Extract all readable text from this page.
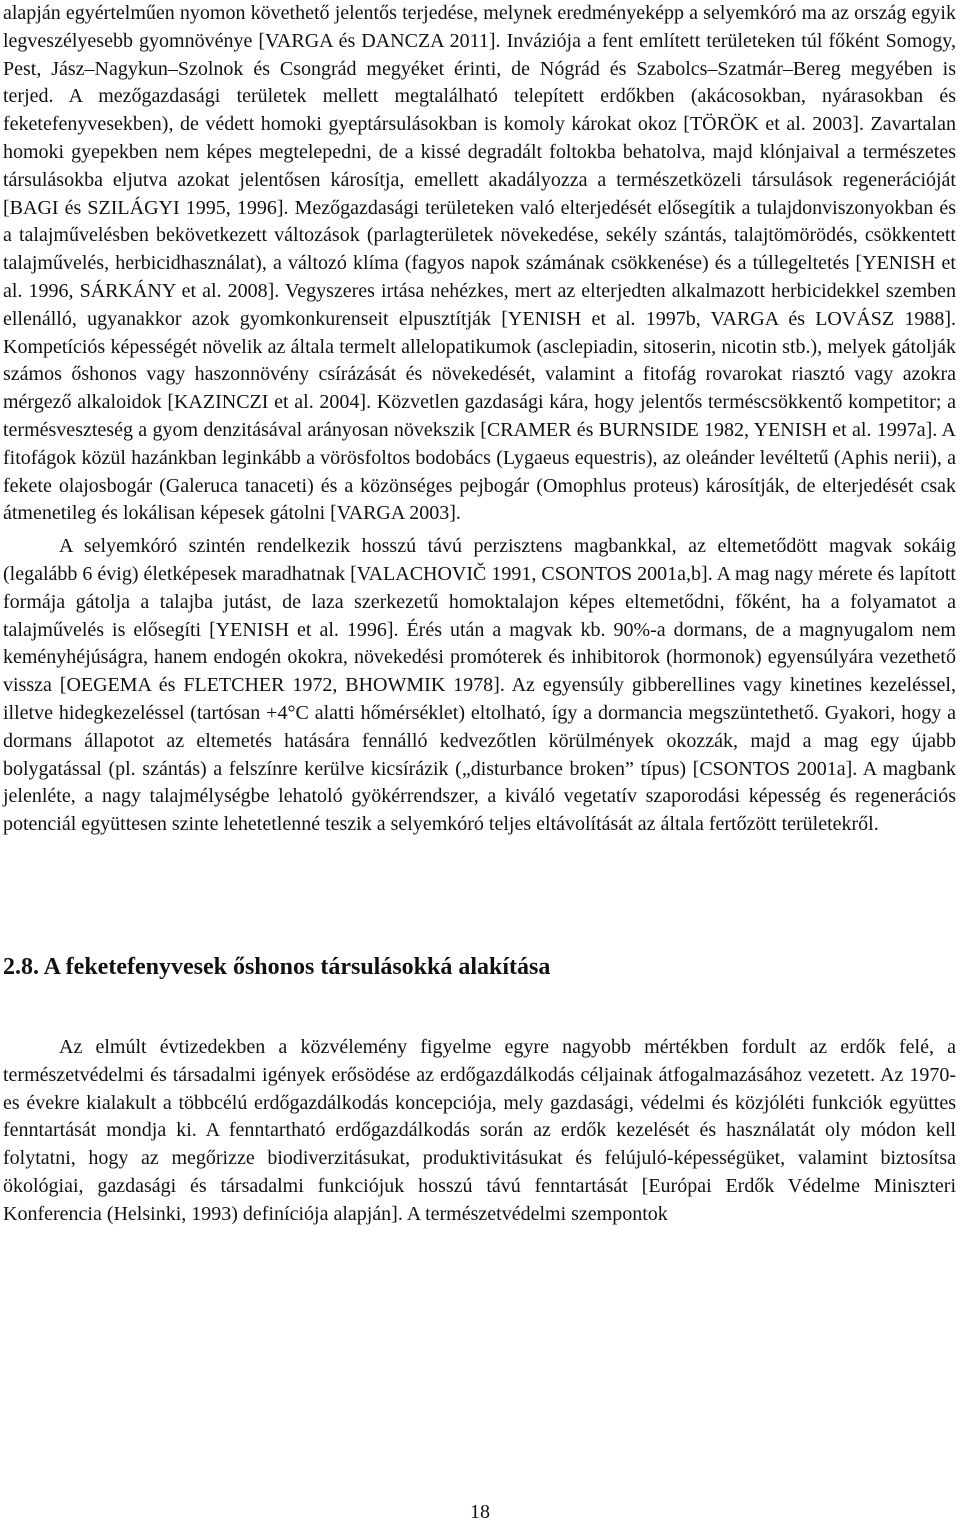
alapján egyértelműen nyomon követhető jelentős terjedése, melynek eredményeképp a selyemkóró ma az ország egyik legveszélyesebb gyomnövénye [VARGA és DANCZA 2011]. Inváziója a fent említett területeken túl főként Somogy, Pest, Jász–Nagykun–Szolnok és Csongrád megyéket érinti, de Nógrád és Szabolcs–Szatmár–Bereg megyében is terjed. A mezőgazdasági területek mellett megtalálható telepített erdőkben (akácosokban, nyárasokban és feketefenyvesekben), de védett homoki gyeptársulásokban is komoly károkat okoz [TÖRÖK et al. 2003]. Zavartalan homoki gyepekben nem képes megtelepedni, de a kissé degradált foltokba behatolva, majd klónjaival a természetes társulásokba eljutva azokat jelentősen károsítja, emellett akadályozza a természetközeli társulások regenerációját [BAGI és SZILÁGYI 1995, 1996]. Mezőgazdasági területeken való elterjedését elősegítik a tulajdonviszonyokban és a talajművelésben bekövetkezett változások (parlagterületek növekedése, sekély szántás, talajtömörödés, csökkentett talajművelés, herbicidhasználat), a változó klíma (fagyos napok számának csökkenése) és a túllegeltetés [YENISH et al. 1996, SÁRKÁNY et al. 2008]. Vegyszeres irtása nehézkes, mert az elterjedten alkalmazott herbicidekkel szemben ellenálló, ugyanakkor azok gyomkonkurenseit elpusztítják [YENISH et al. 1997b, VARGA és LOVÁSZ 1988]. Kompetíciós képességét növelik az általa termelt allelopatikumok (asclepiadin, sitoserin, nicotin stb.), melyek gátolják számos őshonos vagy haszonnövény csírázását és növekedését, valamint a fitofág rovarokat riasztó vagy azokra mérgező alkaloidok [KAZINCZI et al. 2004]. Közvetlen gazdasági kára, hogy jelentős terméscsökkentő kompetitor; a termésveszteség a gyom denzitásával arányosan növekszik [CRAMER és BURNSIDE 1982, YENISH et al. 1997a]. A fitofágok közül hazánkban leginkább a vörösfoltos bodobács (Lygaeus equestris), az oleánder levéltetű (Aphis nerii), a fekete olajosbogár (Galeruca tanaceti) és a közönséges pejbogár (Omophlus proteus) károsítják, de elterjedését csak átmenetileg és lokálisan képesek gátolni [VARGA 2003].

A selyemkóró szintén rendelkezik hosszú távú perzisztens magbankkal, az eltemetődött magvak sokáig (legalább 6 évig) életképesek maradhatnak [VALACHOVIČ 1991, CSONTOS 2001a,b]. A mag nagy mérete és lapított formája gátolja a talajba jutást, de laza szerkezetű homoktalajon képes eltemetődni, főként, ha a folyamatot a talajművelés is elősegíti [YENISH et al. 1996]. Érés után a magvak kb. 90%-a dormans, de a magnyugalom nem keményhéjúságra, hanem endogén okokra, növekedési promóterek és inhibitorok (hormonok) egyensúlyára vezethető vissza [OEGEMA és FLETCHER 1972, BHOWMIK 1978]. Az egyensúly gibberellines vagy kinetines kezeléssel, illetve hidegkezeléssel (tartósan +4°C alatti hőmérséklet) eltolható, így a dormancia megszüntethető. Gyakori, hogy a dormans állapotot az eltemetés hatására fennálló kedvezőtlen körülmények okozzák, majd a mag egy újabb bolygatással (pl. szántás) a felszínre kerülve kicsírázik („disturbance broken” típus) [CSONTOS 2001a]. A magbank jelenléte, a nagy talajmélységbe lehatoló gyökérrendszer, a kiváló vegetatív szaporodási képesség és regenerációs potenciál együttesen szinte lehetetlenné teszik a selyemkóró teljes eltávolítását az általa fertőzött területekről.

2.8. A feketefenyvesek őshonos társulásokká alakítása

Az elmúlt évtizedekben a közvélemény figyelme egyre nagyobb mértékben fordult az erdők felé, a természetvédelmi és társadalmi igények erősödése az erdőgazdálkodás céljainak átfogalmazásához vezetett. Az 1970-es évekre kialakult a többcélú erdőgazdálkodás koncepciója, mely gazdasági, védelmi és közjóléti funkciók együttes fenntartását mondja ki. A fenntartható erdőgazdálkodás során az erdők kezelését és használatát oly módon kell folytatni, hogy az megőrizze biodiverzitásukat, produktivitásukat és felújuló-képességüket, valamint biztosítsa ökológiai, gazdasági és társadalmi funkciójuk hosszú távú fenntartását [Európai Erdők Védelme Miniszteri Konferencia (Helsinki, 1993) definíciója alapján]. A természetvédelmi szempontok

18
